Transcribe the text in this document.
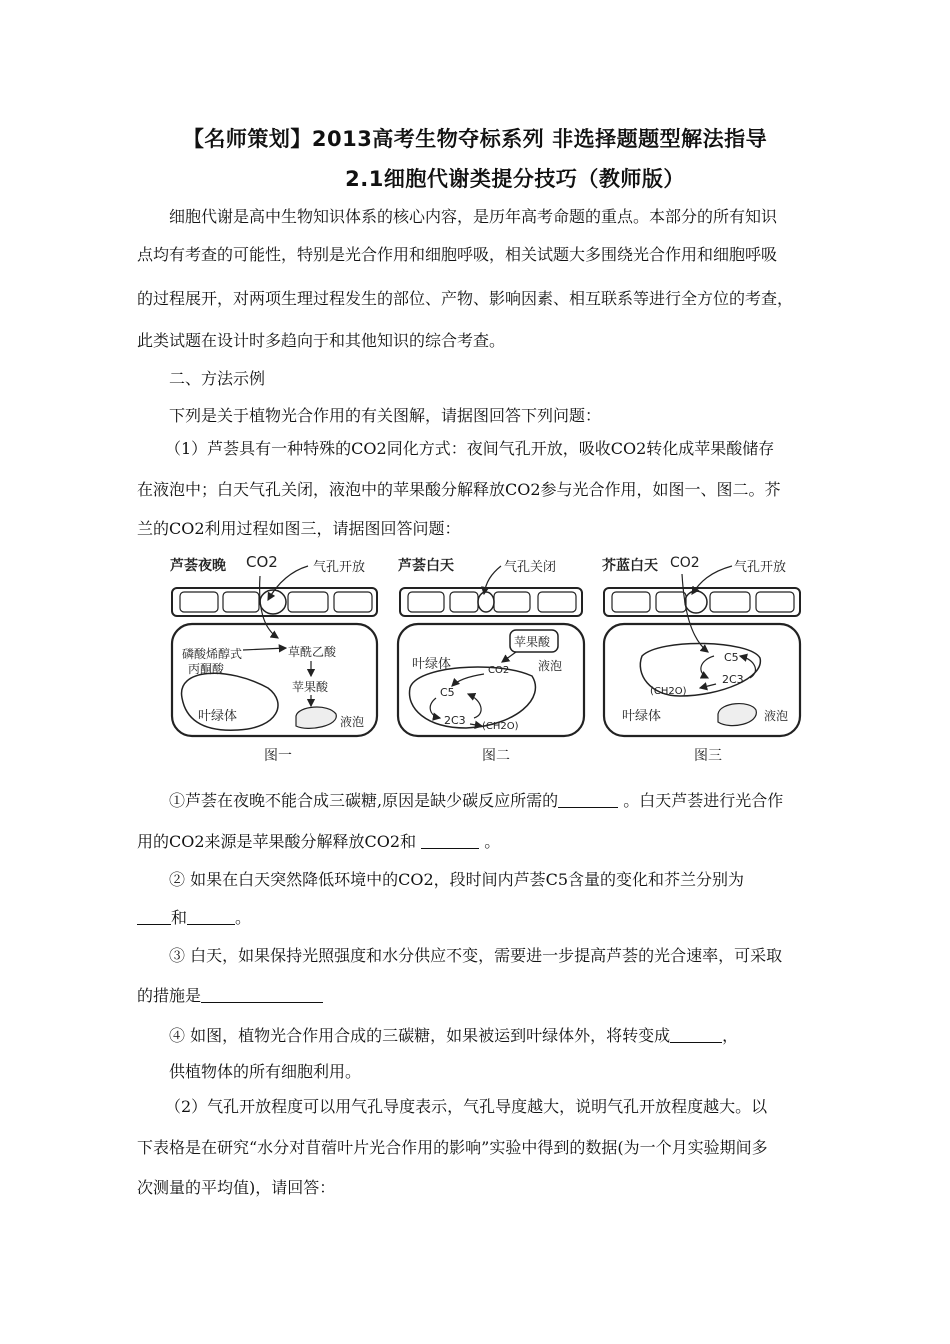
【名师策划】2013高考生物夺标系列 非选择题题型解法指导
2.1细胞代谢类提分技巧（教师版）
细胞代谢是高中生物知识体系的核心内容，是历年高考命题的重点。本部分的所有知识
点均有考查的可能性，特别是光合作用和细胞呼吸，相关试题大多围绕光合作用和细胞呼吸
的过程展开，对两项生理过程发生的部位、产物、影响因素、相互联系等进行全方位的考查，
此类试题在设计时多趋向于和其他知识的综合考查。
二、方法示例
下列是关于植物光合作用的有关图解，请据图回答下列问题：
（1）芦荟具有一种特殊的CO2同化方式：夜间气孔开放，吸收CO2转化成苹果酸储存
在液泡中；白天气孔关闭，液泡中的苹果酸分解释放CO2参与光合作用，如图一、图二。芥
兰的CO2利用过程如图三，请据图回答问题：
芦荟夜晚 CO2	气孔开放
磷酸烯醇式
丙酮酸
草酰乙酸
苹果酸
叶绿体	液泡
图一
芦荟白天	气孔关闭
苹果酸
液泡
叶绿体	CO2
C5
2C3 (CH2O)
图二
芥蓝白天 CO2	气孔开放
C5
2C3
(CH2O)
叶绿体	液泡
图三
①芦荟在夜晚不能合成三碳糖,原因是缺少碳反应所需的	。白天芦荟进行光合作
用的CO2来源是苹果酸分解释放CO2和	。
② 如果在白天突然降低环境中的CO2，段时间内芦荟C5含量的变化和芥兰分别为
和	。
③ 白天，如果保持光照强度和水分供应不变，需要进一步提高芦荟的光合速率，可采取
的措施是
④ 如图，植物光合作用合成的三碳糖，如果被运到叶绿体外，将转变成	，
供植物体的所有细胞利用。
（2）气孔开放程度可以用气孔导度表示，气孔导度越大，说明气孔开放程度越大。以
下表格是在研究“水分对苜蓿叶片光合作用的影响”实验中得到的数据(为一个月实验期间多
次测量的平均值)，请回答：
